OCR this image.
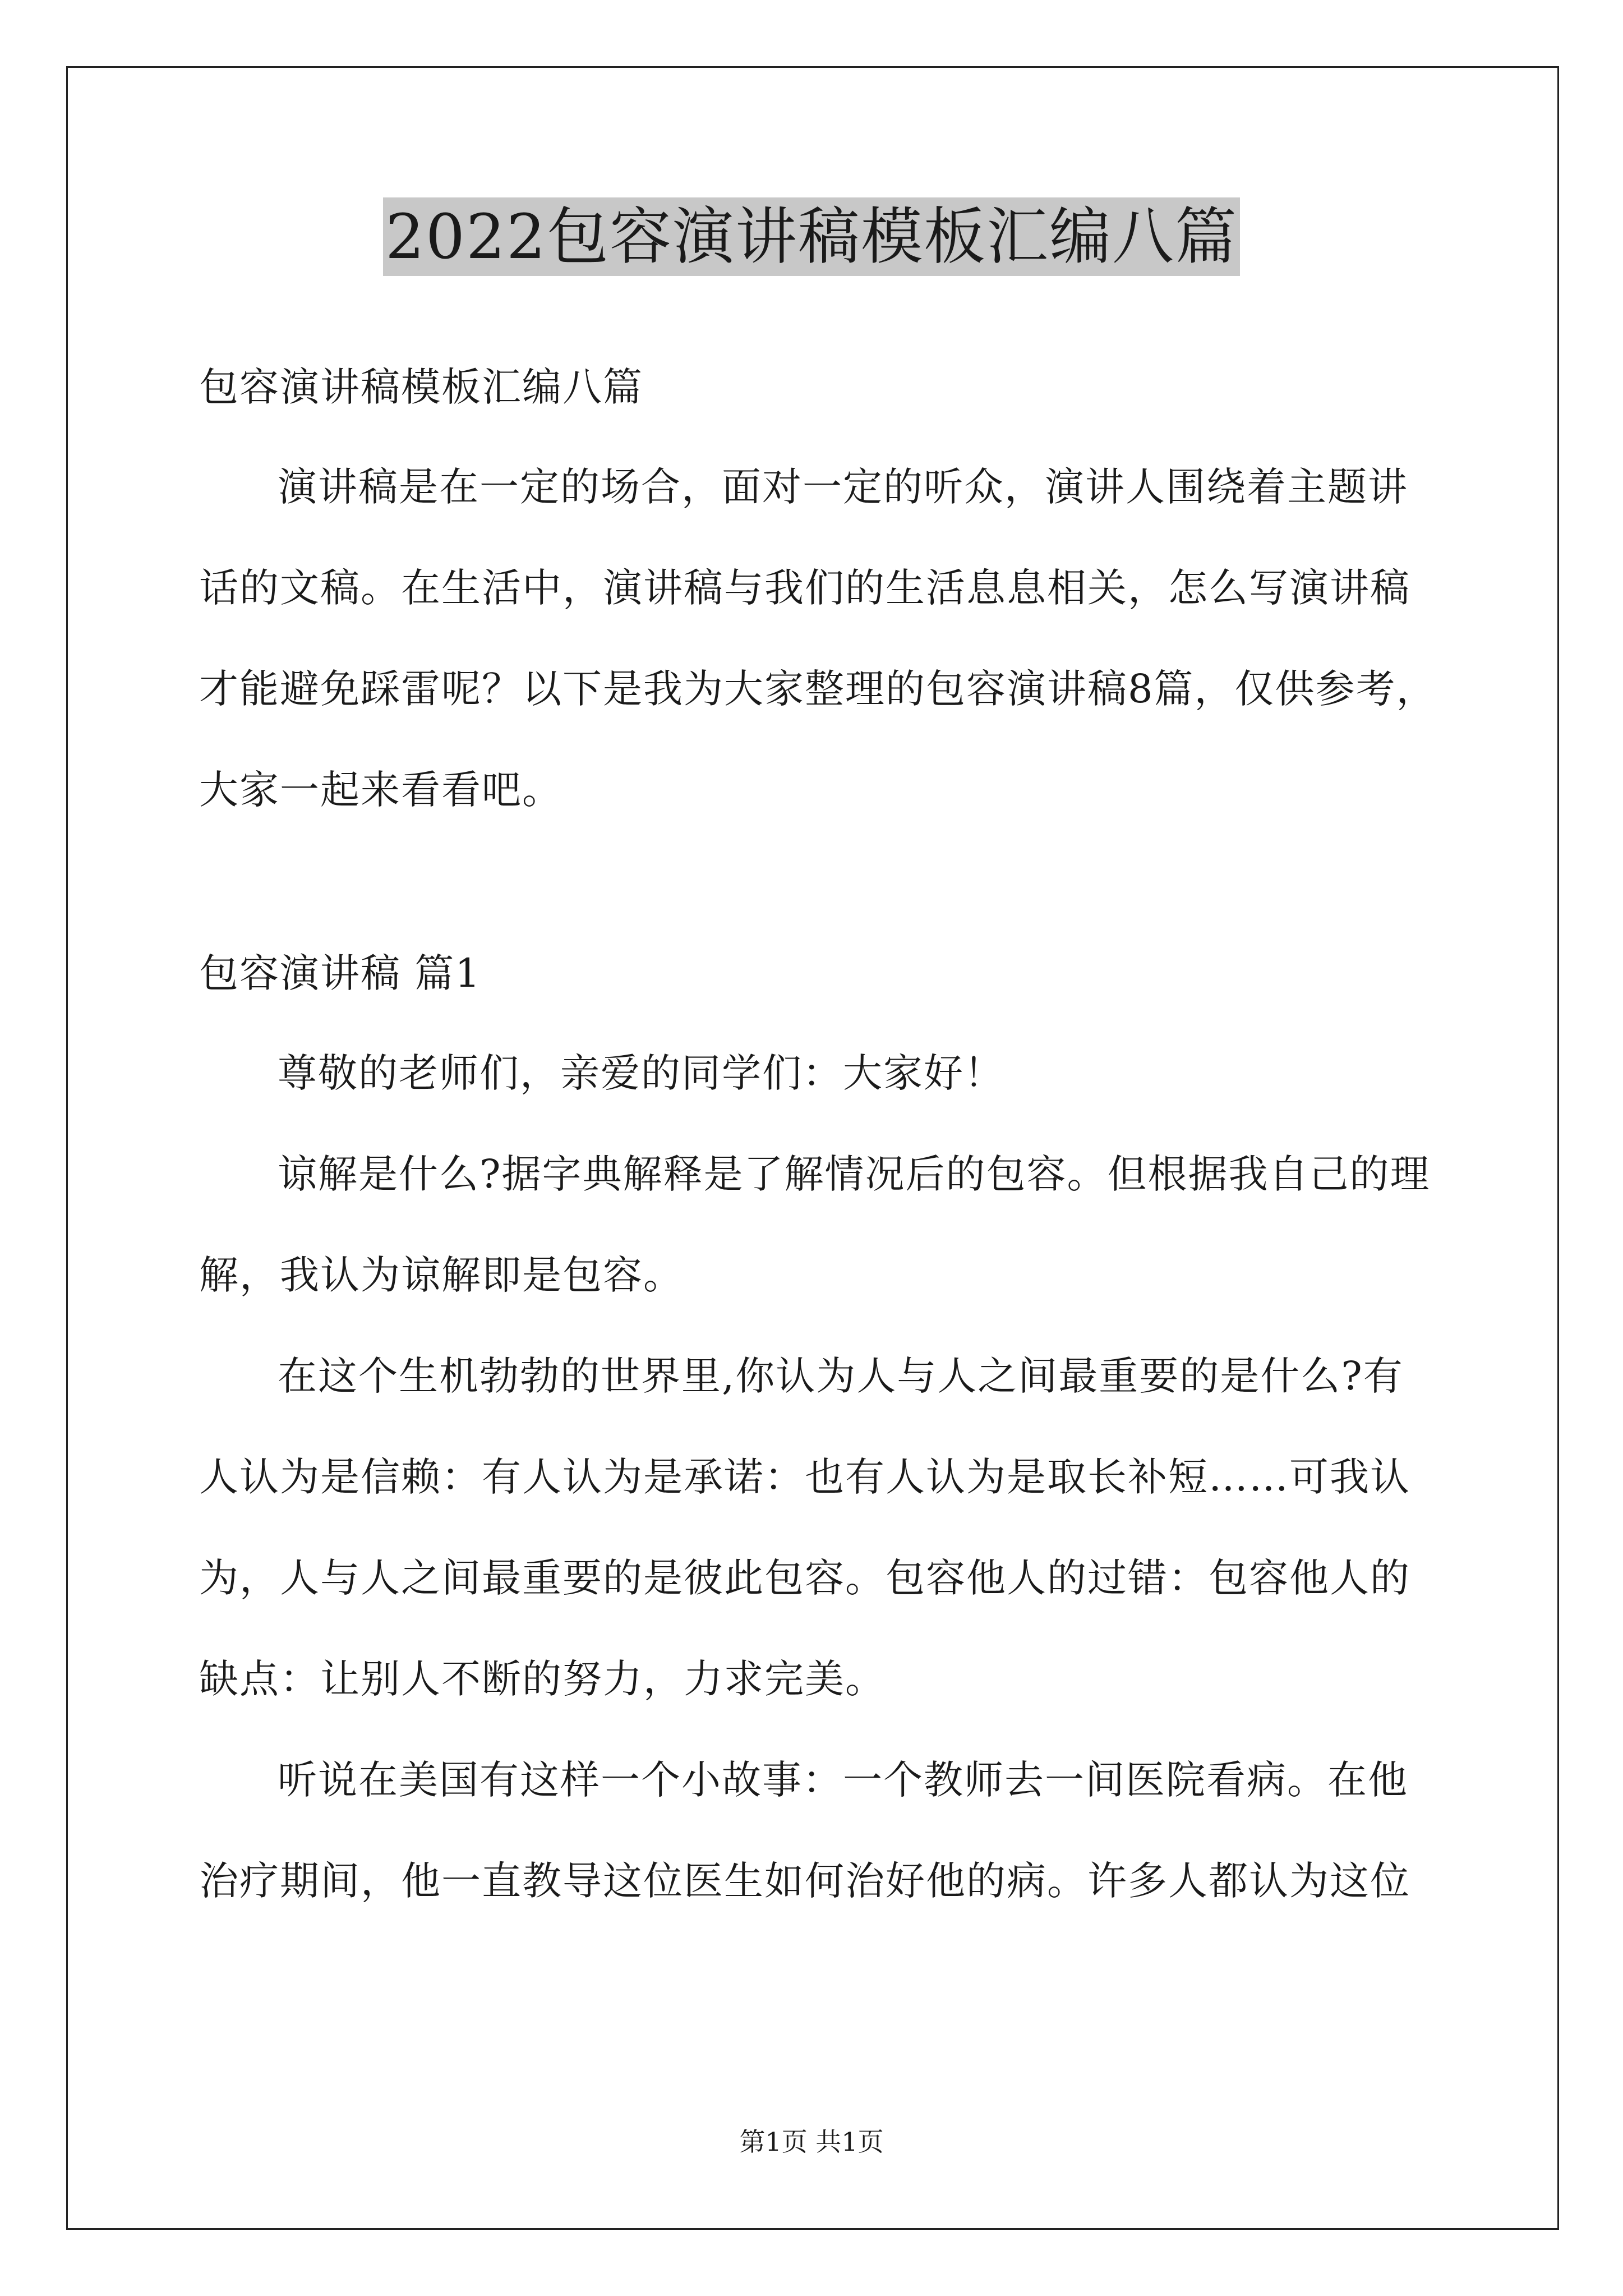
2022包容演讲稿模板汇编八篇
包容演讲稿模板汇编八篇
演讲稿是在一定的场合，面对一定的听众，演讲人围绕着主题讲
话的文稿。在生活中，演讲稿与我们的生活息息相关，怎么写演讲稿
才能避免踩雷呢？以下是我为大家整理的包容演讲稿8篇，仅供参考，
大家一起来看看吧。
包容演讲稿 篇1
尊敬的老师们，亲爱的同学们：大家好！
谅解是什么?据字典解释是了解情况后的包容。但根据我自己的理
解，我认为谅解即是包容。
在这个生机勃勃的世界里,你认为人与人之间最重要的是什么?有
人认为是信赖：有人认为是承诺：也有人认为是取长补短……可我认
为，人与人之间最重要的是彼此包容。包容他人的过错：包容他人的
缺点：让别人不断的努力，力求完美。
听说在美国有这样一个小故事：一个教师去一间医院看病。在他
治疗期间，他一直教导这位医生如何治好他的病。许多人都认为这位
第1页 共1页
